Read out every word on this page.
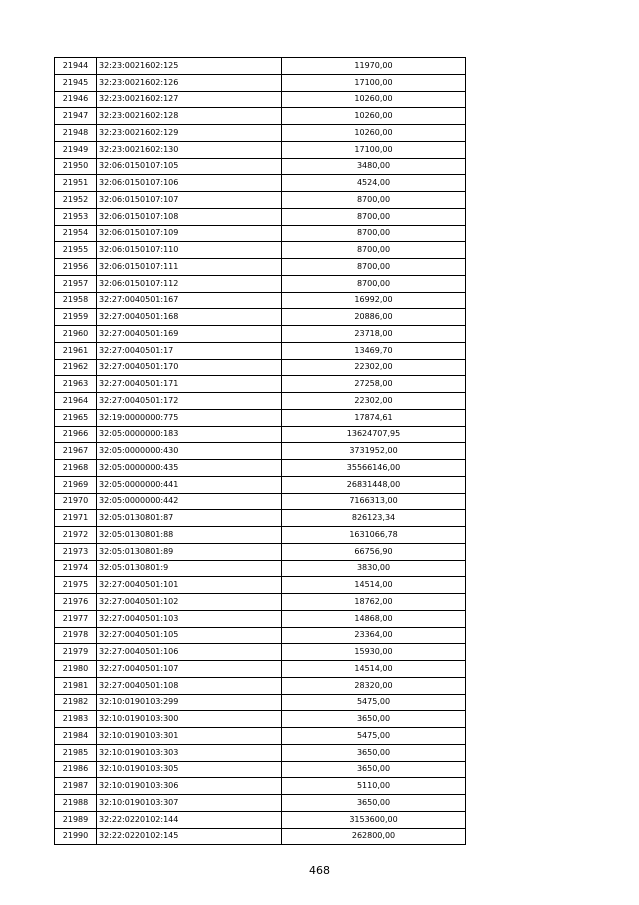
21944	32:23:0021602:125	11970,00
21945	32:23:0021602:126	17100,00
21946	32:23:0021602:127	10260,00
21947	32:23:0021602:128	10260,00
21948	32:23:0021602:129	10260,00
21949	32:23:0021602:130	17100,00
21950	32:06:0150107:105	3480,00
21951	32:06:0150107:106	4524,00
21952	32:06:0150107:107	8700,00
21953	32:06:0150107:108	8700,00
21954	32:06:0150107:109	8700,00
21955	32:06:0150107:110	8700,00
21956	32:06:0150107:111	8700,00
21957	32:06:0150107:112	8700,00
21958	32:27:0040501:167	16992,00
21959	32:27:0040501:168	20886,00
21960	32:27:0040501:169	23718,00
21961	32:27:0040501:17	13469,70
21962	32:27:0040501:170	22302,00
21963	32:27:0040501:171	27258,00
21964	32:27:0040501:172	22302,00
21965	32:19:0000000:775	17874,61
21966	32:05:0000000:183	13624707,95
21967	32:05:0000000:430	3731952,00
21968	32:05:0000000:435	35566146,00
21969	32:05:0000000:441	26831448,00
21970	32:05:0000000:442	7166313,00
21971	32:05:0130801:87	826123,34
21972	32:05:0130801:88	1631066,78
21973	32:05:0130801:89	66756,90
21974	32:05:0130801:9	3830,00
21975	32:27:0040501:101	14514,00
21976	32:27:0040501:102	18762,00
21977	32:27:0040501:103	14868,00
21978	32:27:0040501:105	23364,00
21979	32:27:0040501:106	15930,00
21980	32:27:0040501:107	14514,00
21981	32:27:0040501:108	28320,00
21982	32:10:0190103:299	5475,00
21983	32:10:0190103:300	3650,00
21984	32:10:0190103:301	5475,00
21985	32:10:0190103:303	3650,00
21986	32:10:0190103:305	3650,00
21987	32:10:0190103:306	5110,00
21988	32:10:0190103:307	3650,00
21989	32:22:0220102:144	3153600,00
21990	32:22:0220102:145	262800,00
468
